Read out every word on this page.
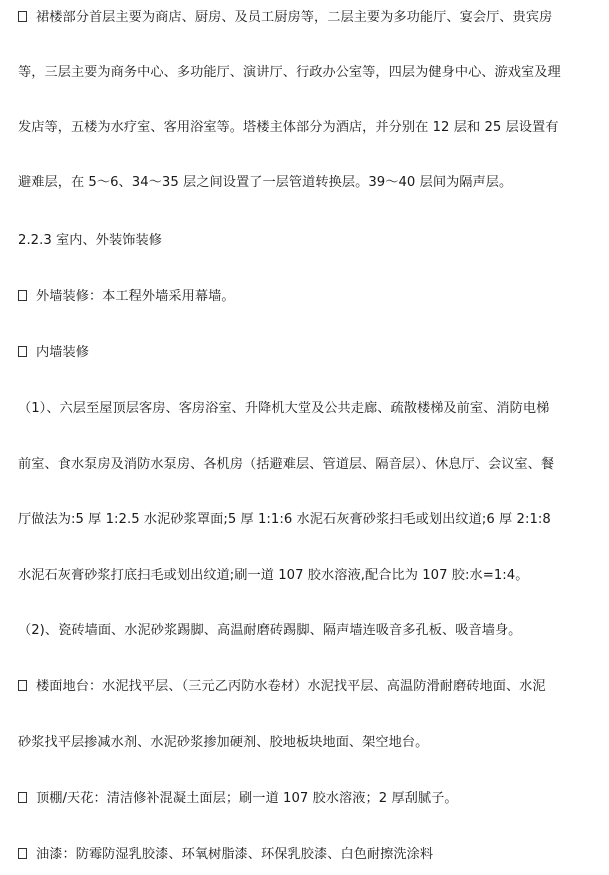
裙楼部分首层主要为商店、厨房、及员工厨房等，二层主要为多功能厅、宴会厅、贵宾房
等，三层主要为商务中心、多功能厅、演讲厅、行政办公室等，四层为健身中心、游戏室及理
发店等，五楼为水疗室、客用浴室等。塔楼主体部分为酒店，并分别在 12 层和 25 层设置有
避难层，在 5～6、34～35 层之间设置了一层管道转换层。39～40 层间为隔声层。
2.2.3 室内、外装饰装修
外墙装修：本工程外墙采用幕墙。
内墙装修
（1）、六层至屋顶层客房、客房浴室、升降机大堂及公共走廊、疏散楼梯及前室、消防电梯
前室、食水泵房及消防水泵房、各机房（括避难层、管道层、隔音层）、休息厅、会议室、餐
厅做法为:5 厚 1:2.5 水泥砂浆罩面;5 厚 1:1:6 水泥石灰膏砂浆扫毛或划出纹道;6 厚 2:1:8
水泥石灰膏砂浆打底扫毛或划出纹道;刷一道 107 胶水溶液,配合比为 107 胶:水=1:4。
（2)、瓷砖墙面、水泥砂浆踢脚、高温耐磨砖踢脚、隔声墙连吸音多孔板、吸音墙身。
楼面地台：水泥找平层、（三元乙丙防水卷材）水泥找平层、高温防滑耐磨砖地面、水泥
砂浆找平层掺减水剂、水泥砂浆掺加硬剂、胶地板块地面、架空地台。
顶棚/天花：清洁修补混凝土面层；刷一道 107 胶水溶液；2 厚刮腻子。
油漆：防霉防湿乳胶漆、环氧树脂漆、环保乳胶漆、白色耐擦洗涂料
